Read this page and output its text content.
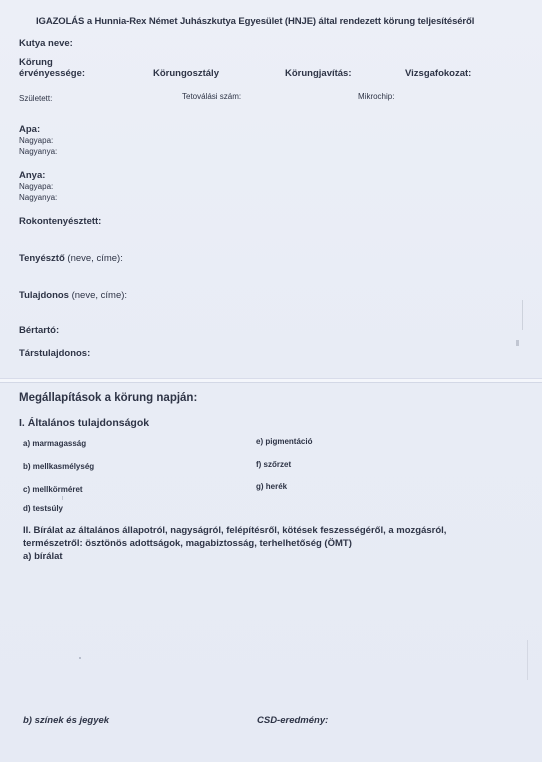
IGAZOLÁS a Hunnia-Rex Német Juhászkutya Egyesület (HNJE) által rendezett körung teljesítéséről
Kutya neve:
Körung
érvényessége:	Körungosztály	Körungjavítás:	Vizsgafokozat:
Született:	Tetoválási szám:	Mikrochip:
Apa:
Nagyapa:
Nagyanya:
Anya:
Nagyapa:
Nagyanya:
Rokontenyésztett:
Tenyésztő (neve, címe):
Tulajdonos (neve, címe):
Bértartó:
Társtulajdonos:
Megállapítások a körung napján:
I. Általános tulajdonságok
a) marmagasság
b) mellkasmélység
c) mellkörméret
d) testsúly
e) pigmentáció
f) szőrzet
g) herék
II. Bírálat az általános állapotról, nagyságról, felépítésről, kötések feszességéről, a mozgásról,
természetről: ösztönös adottságok, magabiztosság, terhelhetőség (ÖMT)
a) bírálat
b) színek és jegyek	CSD-eredmény:
